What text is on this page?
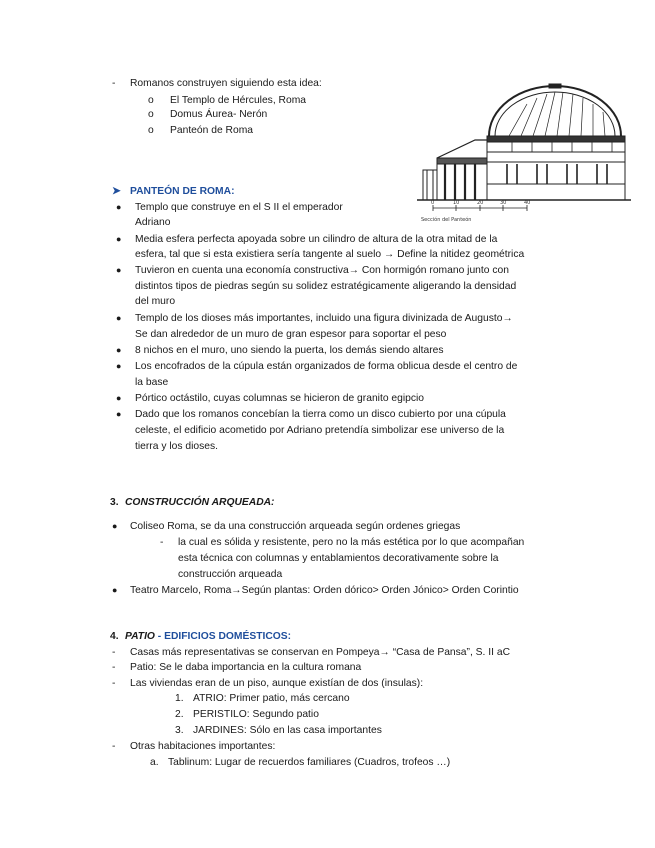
- Romanos construyen siguiendo esta idea:
o El Templo de Hércules, Roma
o Domus Áurea- Nerón
o Panteón de Roma
0	10	20	30	40
Sección del Panteón
➤ PANTEÓN DE ROMA:
● Templo que construye en el S II el emperador
Adriano
● Media esfera perfecta apoyada sobre un cilindro de altura de la otra mitad de la
esfera, tal que si esta existiera sería tangente al suelo → Define la nitidez geométrica
● Tuvieron en cuenta una economía constructiva→ Con hormigón romano junto con
distintos tipos de piedras según su solidez estratégicamente aligerando la densidad
del muro
● Templo de los dioses más importantes, incluido una figura divinizada de Augusto→
Se dan alrededor de un muro de gran espesor para soportar el peso
● 8 nichos en el muro, uno siendo la puerta, los demás siendo altares
● Los encofrados de la cúpula están organizados de forma oblicua desde el centro de
la base
● Pórtico octástilo, cuyas columnas se hicieron de granito egipcio
● Dado que los romanos concebían la tierra como un disco cubierto por una cúpula
celeste, el edificio acometido por Adriano pretendía simbolizar ese universo de la
tierra y los dioses.
3. CONSTRUCCIÓN ARQUEADA:
● Coliseo Roma, se da una construcción arqueada según ordenes griegas
- la cual es sólida y resistente, pero no la más estética por lo que acompañan
esta técnica con columnas y entablamientos decorativamente sobre la
construcción arqueada
● Teatro Marcelo, Roma→Según plantas: Orden dórico> Orden Jónico> Orden Corintio
4. PATIO - EDIFICIOS DOMÉSTICOS:
- Casas más representativas se conservan en Pompeya→ “Casa de Pansa”, S. II aC
- Patio: Se le daba importancia en la cultura romana
- Las viviendas eran de un piso, aunque existían de dos (insulas):
1. ATRIO: Primer patio, más cercano
2. PERISTILO: Segundo patio
3. JARDINES: Sólo en las casa importantes
- Otras habitaciones importantes:
a. Tablinum: Lugar de recuerdos familiares (Cuadros, trofeos …)
